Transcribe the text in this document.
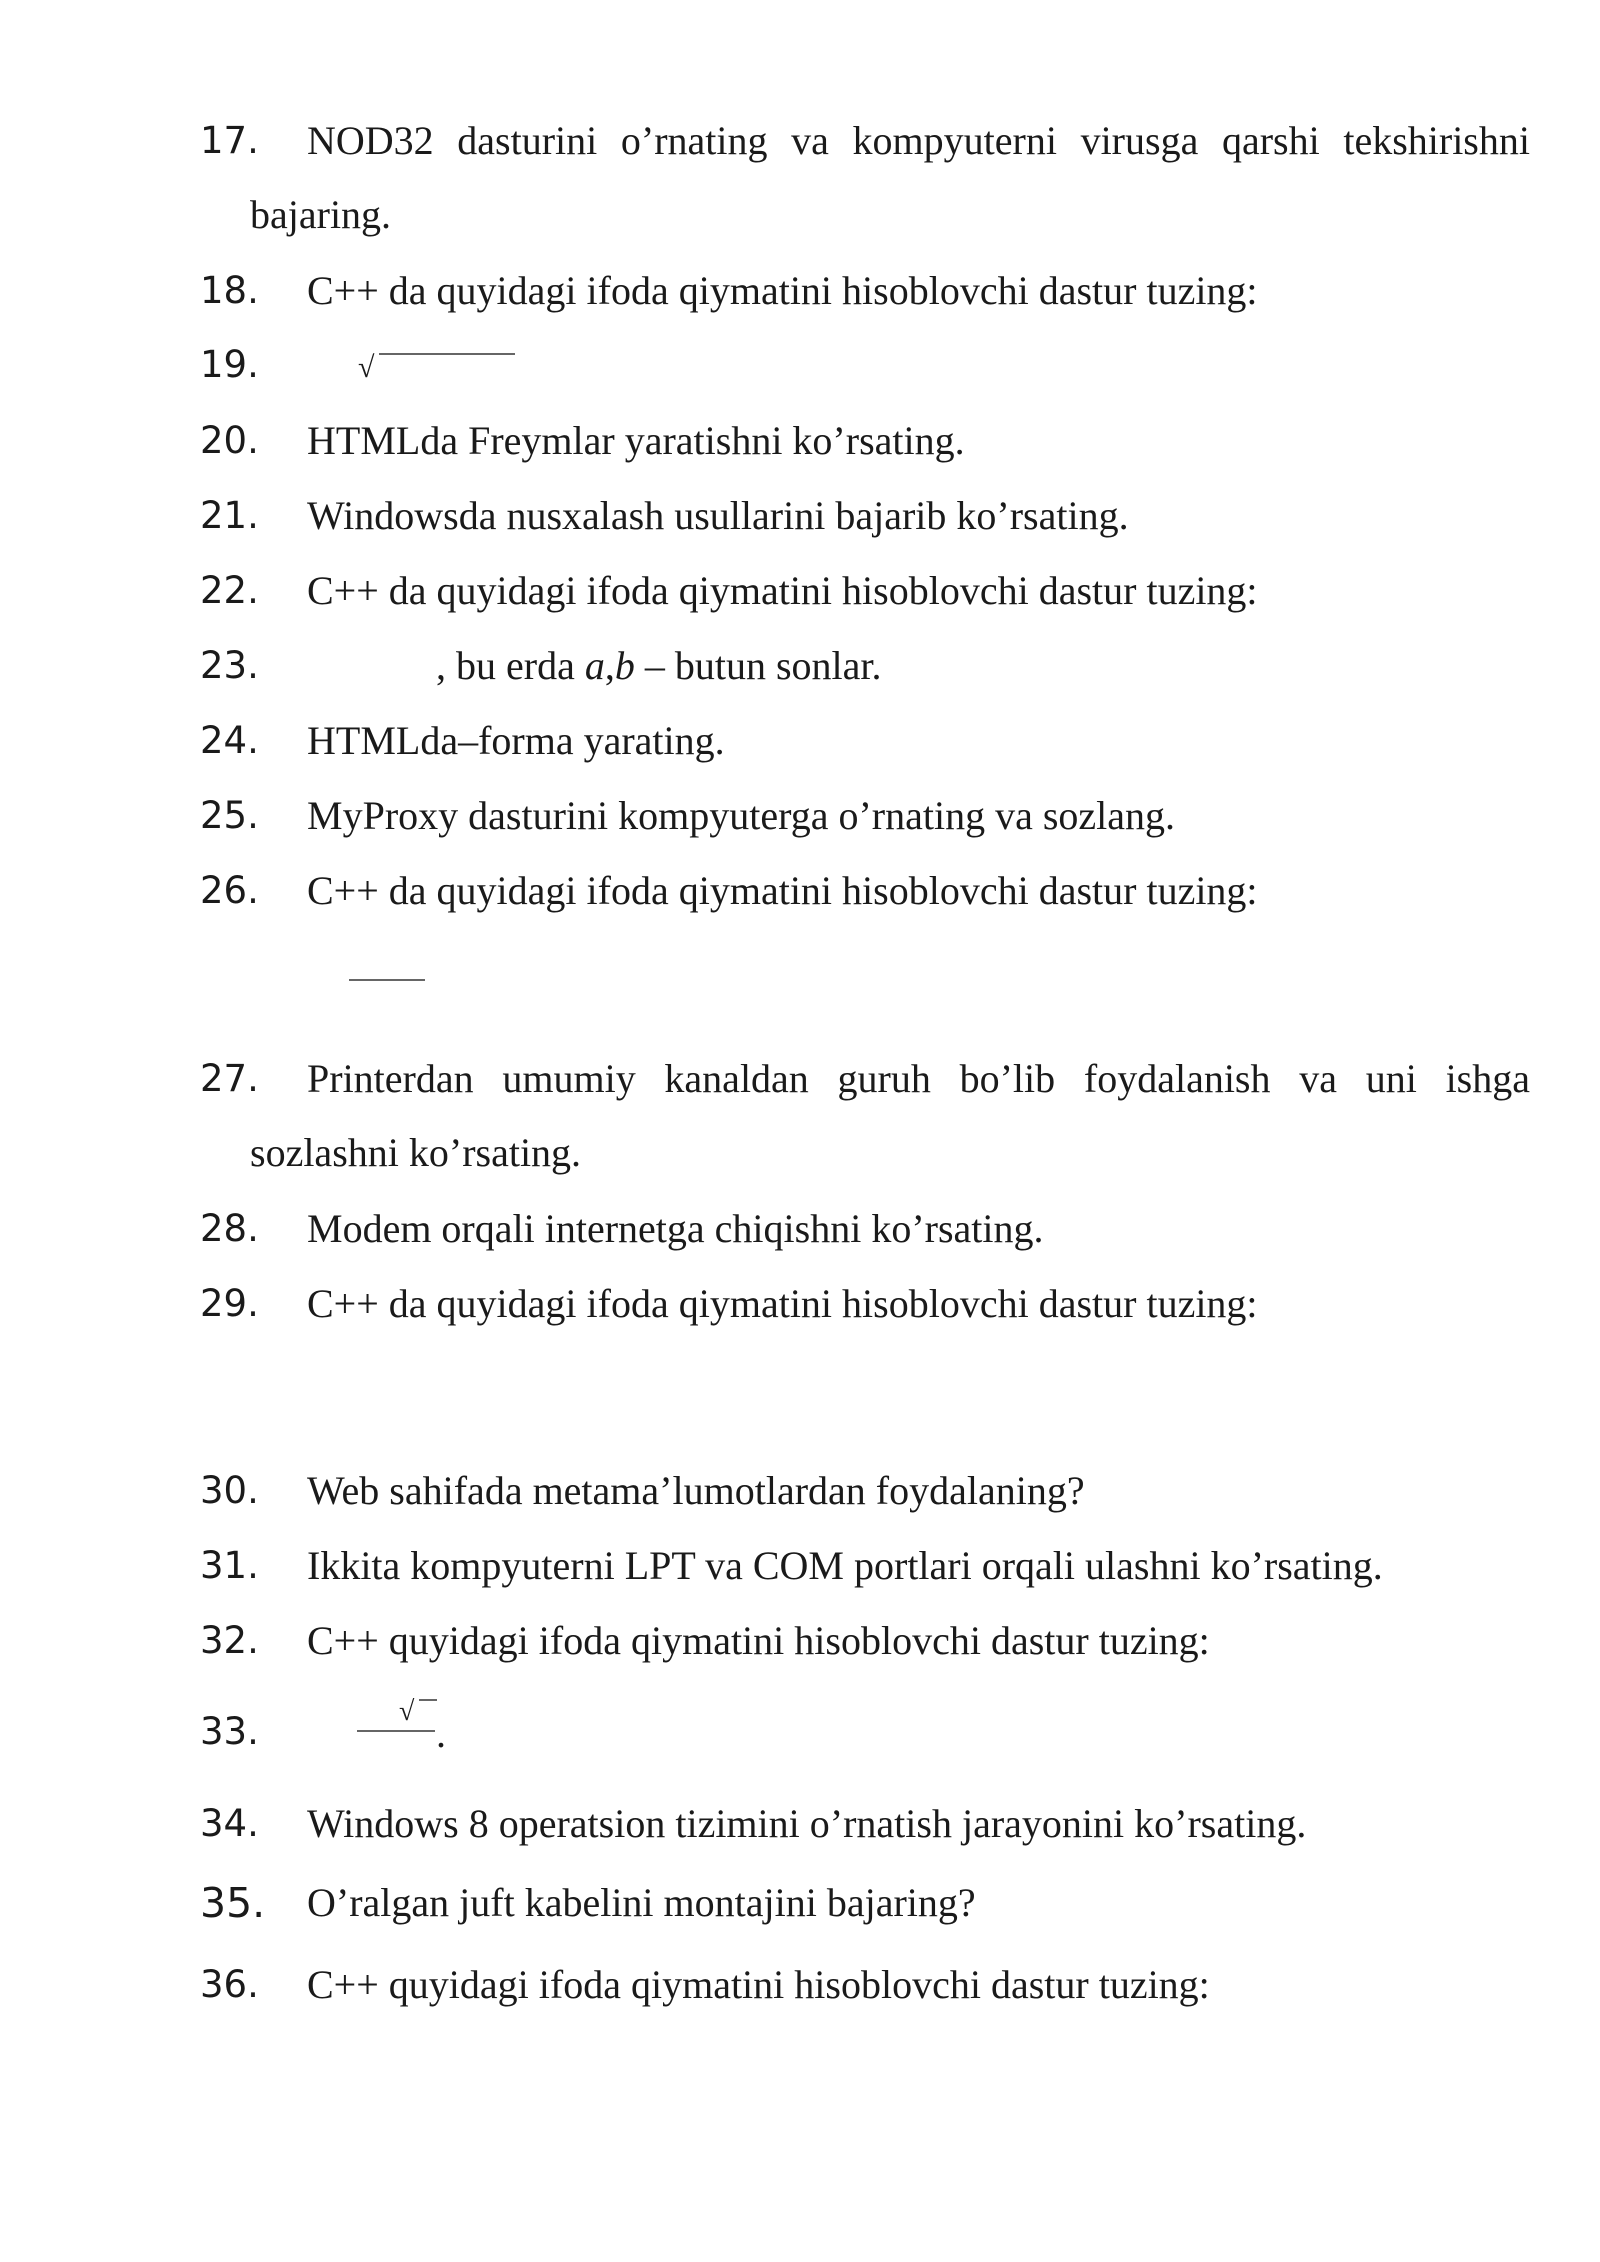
17.	NOD32 dasturini o’rnating va kompyuterni virusga qarshi tekshirishni
bajaring.
18.	C++ da quyidagi ifoda qiymatini hisoblovchi dastur tuzing:
19.	√
20.	HTMLda Freymlar yaratishni ko’rsating.
21.	Windowsda nusxalash usullarini bajarib ko’rsating.
22.	C++ da quyidagi ifoda qiymatini hisoblovchi dastur tuzing:
23.	, bu erda a,b – butun sonlar.
24.	HTMLda–forma yarating.
25.	MyProxy dasturini kompyuterga o’rnating va sozlang.
26.	C++ da quyidagi ifoda qiymatini hisoblovchi dastur tuzing:
27.	Printerdan umumiy kanaldan guruh bo’lib foydalanish va uni ishga
sozlashni ko’rsating.
28.	Modem orqali internetga chiqishni ko’rsating.
29.	C++ da quyidagi ifoda qiymatini hisoblovchi dastur tuzing:
30.	Web sahifada metama’lumotlardan foydalaning?
31.	Ikkita kompyuterni LPT va COM portlari orqali ulashni ko’rsating.
32.	C++ quyidagi ifoda qiymatini hisoblovchi dastur tuzing:
33.	√ .
34.	Windows 8 operatsion tizimini o’rnatish jarayonini ko’rsating.
35.	O’ralgan juft kabelini montajini bajaring?
36.	C++ quyidagi ifoda qiymatini hisoblovchi dastur tuzing:
